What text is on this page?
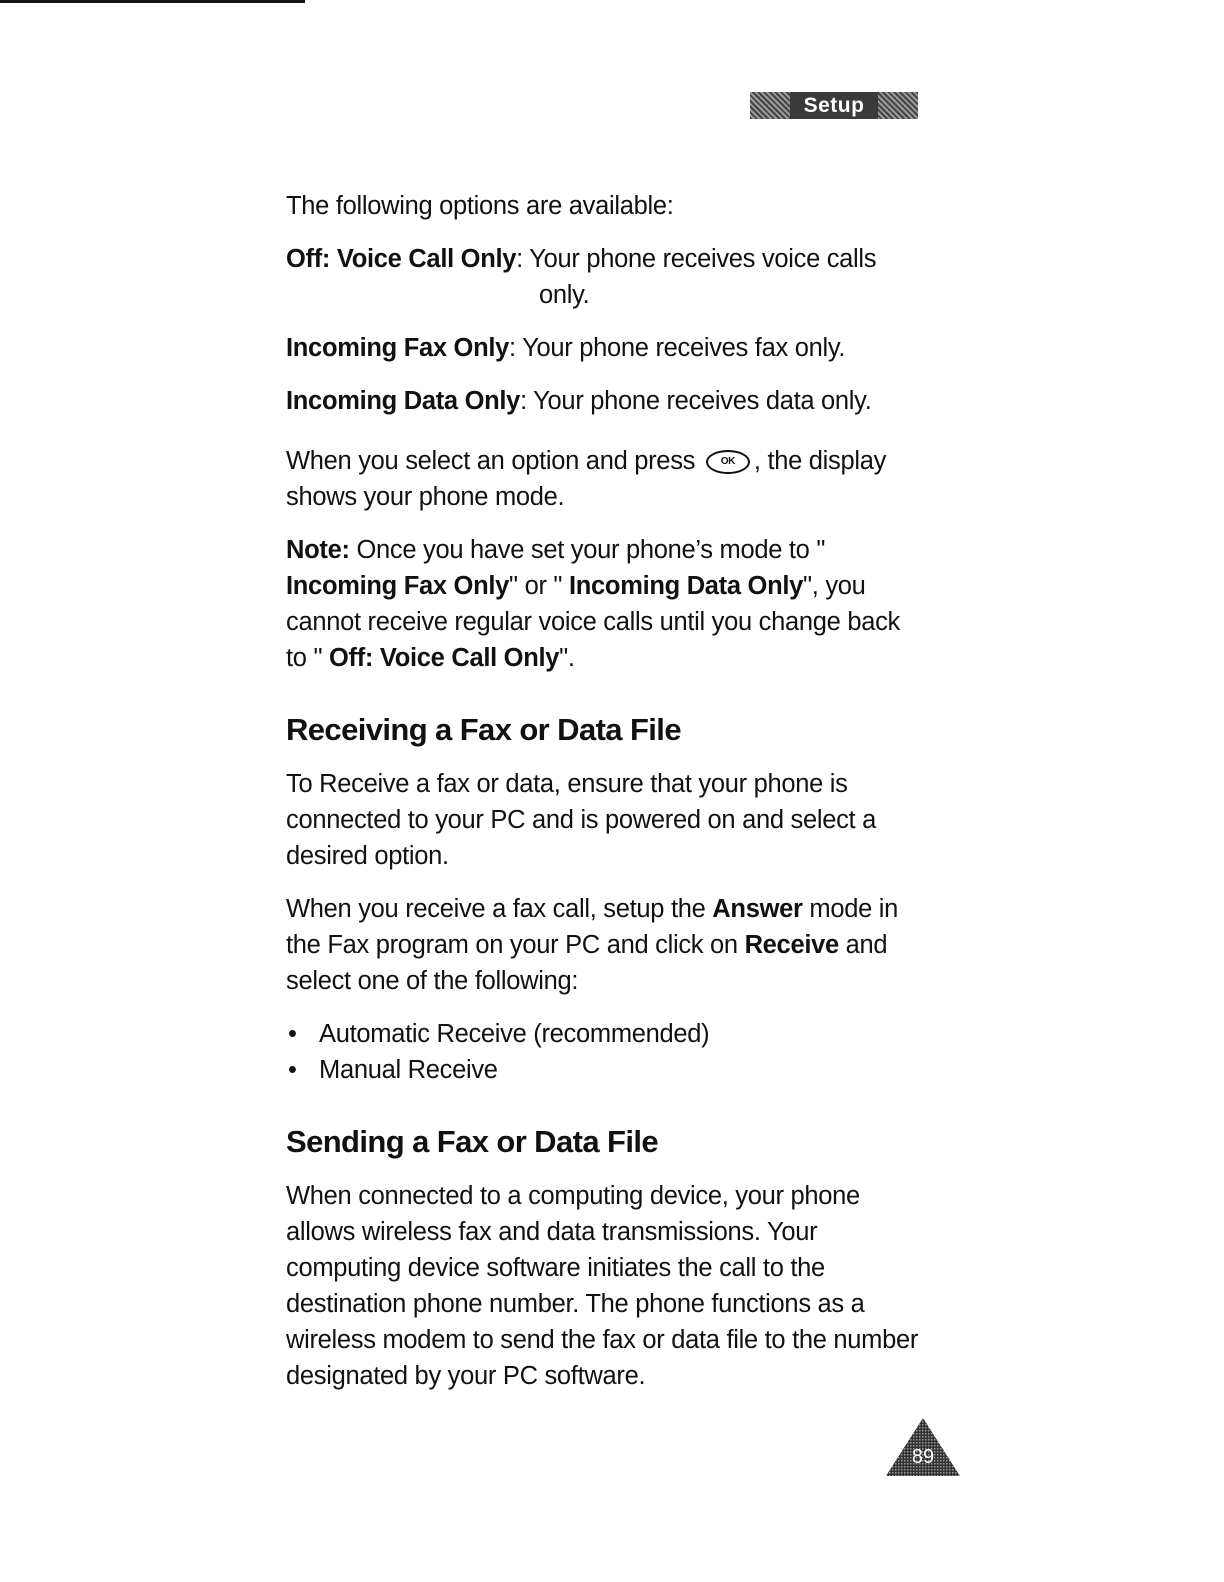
Setup

The following options are available:

Off: Voice Call Only: Your phone receives voice calls
only.

Incoming Fax Only: Your phone receives fax only.

Incoming Data Only: Your phone receives data only.

When you select an option and press OK , the display shows your phone mode.

Note: Once you have set your phone’s mode to " Incoming Fax Only" or " Incoming Data Only", you cannot receive regular voice calls until you change back to " Off: Voice Call Only".

Receiving a Fax or Data File

To Receive a fax or data, ensure that your phone is connected to your PC and is powered on and select a desired option.

When you receive a fax call, setup the Answer mode in the Fax program on your PC and click on Receive and select one of the following:

• Automatic Receive (recommended)
• Manual Receive
Sending a Fax or Data File

When connected to a computing device, your phone allows wireless fax and data transmissions. Your computing device software initiates the call to the destination phone number. The phone functions as a wireless modem to send the fax or data file to the number designated by your PC software.

89
